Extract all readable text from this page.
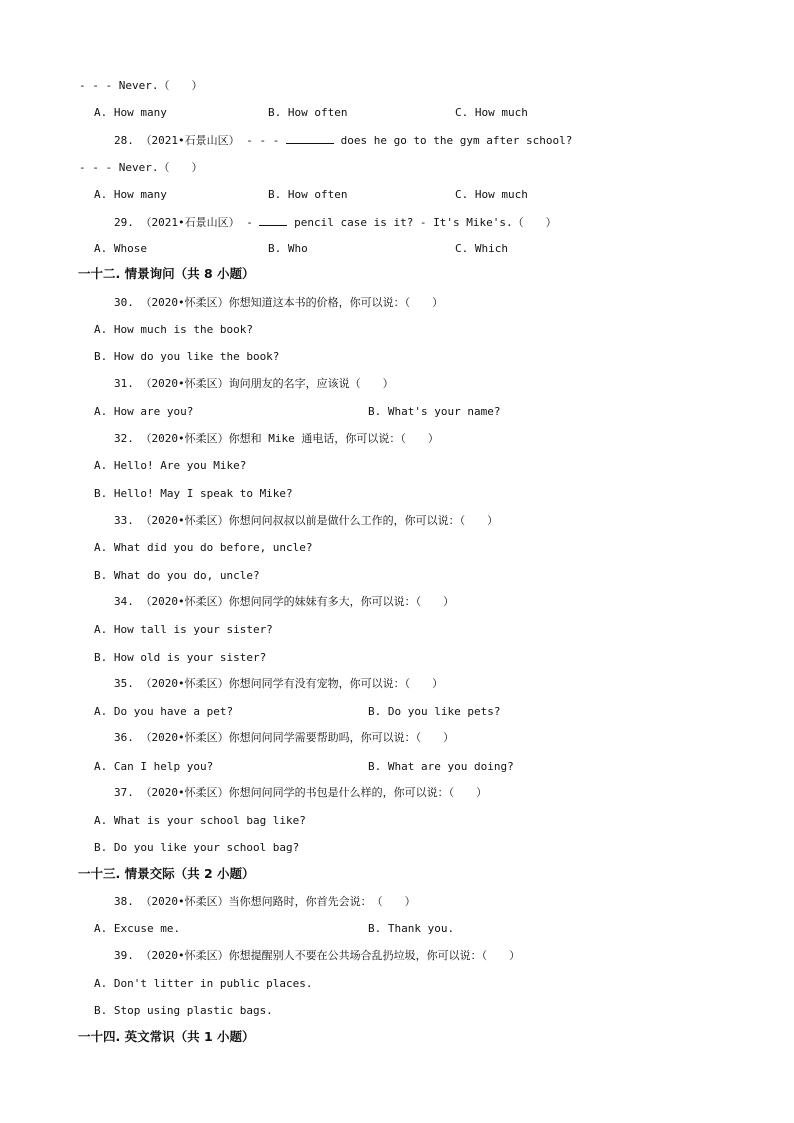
- - - Never.（　　）
A. How many	B. How often	C. How much
28. （2021•石景山区） - - -	does he go to the gym after school?
- - - Never.（　　）
A. How many	B. How often	C. How much
29. （2021•石景山区） -	pencil case is it? - It's Mike's.（　　）
A. Whose	B. Who	C. Which
一十二. 情景询问（共 8 小题）
30. （2020•怀柔区）你想知道这本书的价格，你可以说：（　　）
A. How much is the book?
B. How do you like the book?
31. （2020•怀柔区）询问朋友的名字，应该说（　　）
A. How are you?	B. What's your name?
32. （2020•怀柔区）你想和 Mike 通电话，你可以说：（　　）
A. Hello! Are you Mike?
B. Hello! May I speak to Mike?
33. （2020•怀柔区）你想问问叔叔以前是做什么工作的，你可以说：（　　）
A. What did you do before, uncle?
B. What do you do, uncle?
34. （2020•怀柔区）你想问同学的妹妹有多大，你可以说：（　　）
A. How tall is your sister?
B. How old is your sister?
35. （2020•怀柔区）你想问同学有没有宠物，你可以说：（　　）
A. Do you have a pet?	B. Do you like pets?
36. （2020•怀柔区）你想问问同学需要帮助吗，你可以说：（　　）
A. Can I help you?	B. What are you doing?
37. （2020•怀柔区）你想问问同学的书包是什么样的，你可以说：（　　）
A. What is your school bag like?
B. Do you like your school bag?
一十三. 情景交际（共 2 小题）
38. （2020•怀柔区）当你想问路时，你首先会说：　（　　）
A. Excuse me.	B. Thank you.
39. （2020•怀柔区）你想提醒别人不要在公共场合乱扔垃圾，你可以说：（　　）
A. Don't litter in public places.
B. Stop using plastic bags.
一十四. 英文常识（共 1 小题）
